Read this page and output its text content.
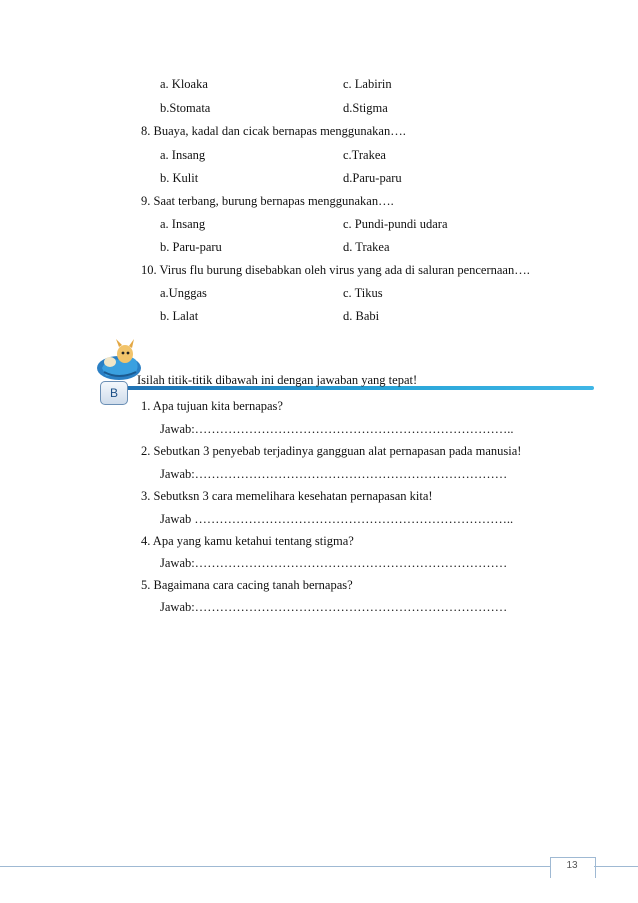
a. Kloaka	c. Labirin
b.Stomata	d.Stigma
8. Buaya, kadal dan cicak bernapas menggunakan….
a. Insang	c.Trakea
b. Kulit	d.Paru-paru
9. Saat terbang, burung bernapas menggunakan….
a. Insang	c. Pundi-pundi udara
b. Paru-paru	d. Trakea
10. Virus flu burung disebabkan oleh virus yang ada di saluran pencernaan….
a.Unggas	c. Tikus
b. Lalat	d. Babi
B
Isilah titik-titik dibawah ini dengan jawaban yang tepat!
1. Apa tujuan kita bernapas?
Jawab:…………………………………………………………………..
2. Sebutkan 3 penyebab terjadinya gangguan alat pernapasan pada manusia!
Jawab:…………………………………………………………………
3. Sebutksn 3 cara memelihara kesehatan pernapasan kita!
Jawab …………………………………………………………………..
4. Apa yang kamu ketahui tentang stigma?
Jawab:…………………………………………………………………
5. Bagaimana cara cacing tanah bernapas?
Jawab:…………………………………………………………………
13
